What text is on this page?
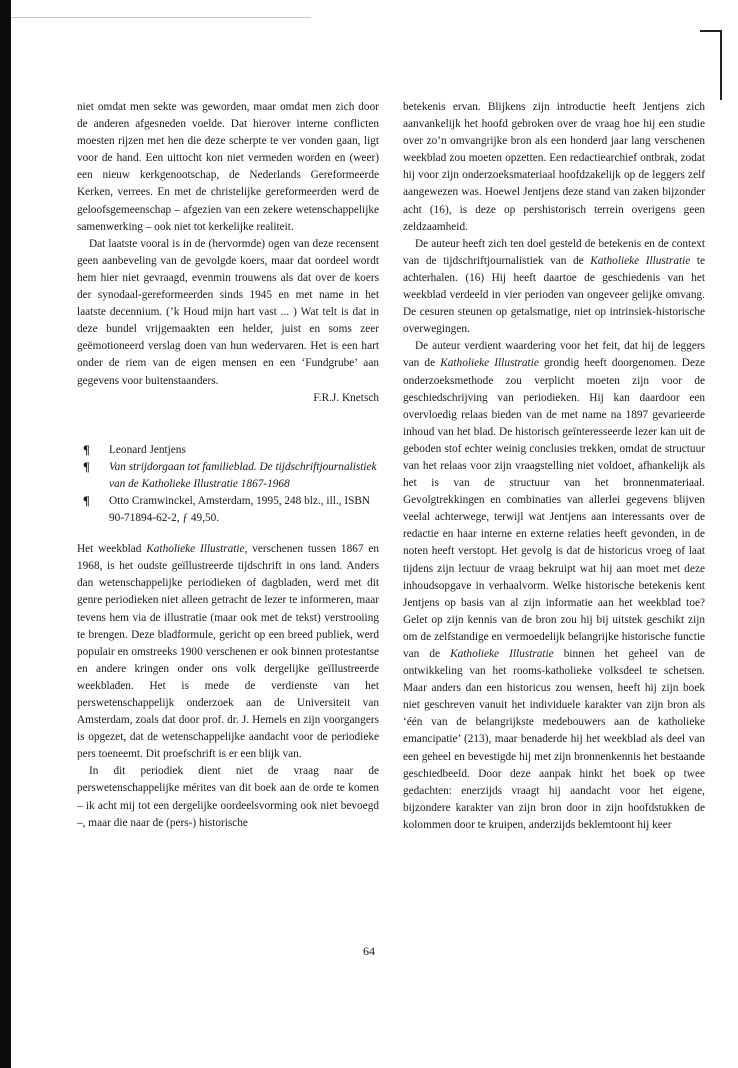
niet omdat men sekte was geworden, maar omdat men zich door de anderen afgesneden voelde. Dat hierover interne conflicten moesten rijzen met hen die deze scherpte te ver vonden gaan, ligt voor de hand. Een uittocht kon niet vermeden worden en (weer) een nieuw kerkgenootschap, de Nederlands Gereformeerde Kerken, verrees. En met de christelijke gereformeerden werd de geloofsgemeenschap – afgezien van een zekere wetenschappelijke samenwerking – ook niet tot kerkelijke realiteit.

Dat laatste vooral is in de (hervormde) ogen van deze recensent geen aanbeveling van de gevolgde koers, maar dat oordeel wordt hem hier niet gevraagd, evenmin trouwens als dat over de koers der synodaal-gereformeerden sinds 1945 en met name in het laatste decennium. (’k Houd mijn hart vast ... ) Wat telt is dat in deze bundel vrijgemaakten een helder, juist en soms zeer geëmotioneerd verslag doen van hun wedervaren. Het is een hart onder de riem van de eigen mensen en een ‘Fundgrube’ aan gegevens voor buitenstaanders.

F.R.J. Knetsch

¶ Leonard Jentjens
¶ Van strijdorgaan tot familieblad. De tijdschriftjournalistiek van de Katholieke Illustratie 1867-1968
¶ Otto Cramwinckel, Amsterdam, 1995, 248 blz., ill., ISBN 90-71894-62-2, ƒ 49,50.

Het weekblad Katholieke Illustratie, verschenen tussen 1867 en 1968, is het oudste geïllustreerde tijdschrift in ons land. Anders dan wetenschappelijke periodieken of dagbladen, werd met dit genre periodieken niet alleen getracht de lezer te informeren, maar tevens hem via de illustratie (maar ook met de tekst) verstrooiing te brengen. Deze bladformule, gericht op een breed publiek, werd populair en omstreeks 1900 verschenen er ook binnen protestantse en andere kringen onder ons volk dergelijke geïllustreerde weekbladen. Het is mede de verdienste van het perswetenschappelijk onderzoek aan de Universiteit van Amsterdam, zoals dat door prof. dr. J. Hemels en zijn voorgangers is opgezet, dat de wetenschappelijke aandacht voor de periodieke pers toeneemt. Dit proefschrift is er een blijk van.

In dit periodiek dient niet de vraag naar de perswetenschappelijke mérites van dit boek aan de orde te komen – ik acht mij tot een dergelijke oordeelsvorming ook niet bevoegd –, maar die naar de (pers-) historische

betekenis ervan. Blijkens zijn introductie heeft Jentjens zich aanvankelijk het hoofd gebroken over de vraag hoe hij een studie over zo’n omvangrijke bron als een honderd jaar lang verschenen weekblad zou moeten opzetten. Een redactiearchief ontbrak, zodat hij voor zijn onderzoeksmateriaal hoofdzakelijk op de leggers zelf aangewezen was. Hoewel Jentjens deze stand van zaken bijzonder acht (16), is deze op pershistorisch terrein overigens geen zeldzaamheid.

De auteur heeft zich ten doel gesteld de betekenis en de context van de tijdschriftjournalistiek van de Katholieke Illustratie te achterhalen. (16) Hij heeft daartoe de geschiedenis van het weekblad verdeeld in vier perioden van ongeveer gelijke omvang. De cesuren steunen op getalsmatige, niet op intrinsiek-historische overwegingen.

De auteur verdient waardering voor het feit, dat hij de leggers van de Katholieke Illustratie grondig heeft doorgenomen. Deze onderzoeksmethode zou verplicht moeten zijn voor de geschiedschrijving van periodieken. Hij kan daardoor een overvloedig relaas bieden van de met name na 1897 gevarieerde inhoud van het blad. De historisch geïnteresseerde lezer kan uit de geboden stof echter weinig conclusies trekken, omdat de structuur van het relaas voor zijn vraagstelling niet voldoet, afhankelijk als het is van de structuur van het bronnenmateriaal. Gevolgtrekkingen en combinaties van allerlei gegevens blijven veelal achterwege, terwijl wat Jentjens aan interessants over de redactie en haar interne en externe relaties heeft gevonden, in de noten heeft verstopt. Het gevolg is dat de historicus vroeg of laat tijdens zijn lectuur de vraag bekruipt wat hij aan moet met deze inhoudsopgave in verhaalvorm. Welke historische betekenis kent Jentjens op basis van al zijn informatie aan het weekblad toe? Gelet op zijn kennis van de bron zou hij bij uitstek geschikt zijn om de zelfstandige en vermoedelijk belangrijke historische functie van de Katholieke Illustratie binnen het geheel van de ontwikkeling van het rooms-katholieke volksdeel te schetsen. Maar anders dan een historicus zou wensen, heeft hij zijn boek niet geschreven vanuit het individuele karakter van zijn bron als ‘één van de belangrijkste medebouwers aan de katholieke emancipatie’ (213), maar benaderde hij het weekblad als deel van een geheel en bevestigde hij met zijn bronnenkennis het bestaande geschiedbeeld. Door deze aanpak hinkt het boek op twee gedachten: enerzijds vraagt hij aandacht voor het eigene, bijzondere karakter van zijn bron door in zijn hoofdstukken de kolommen door te kruipen, anderzijds beklemtoont hij keer

64
